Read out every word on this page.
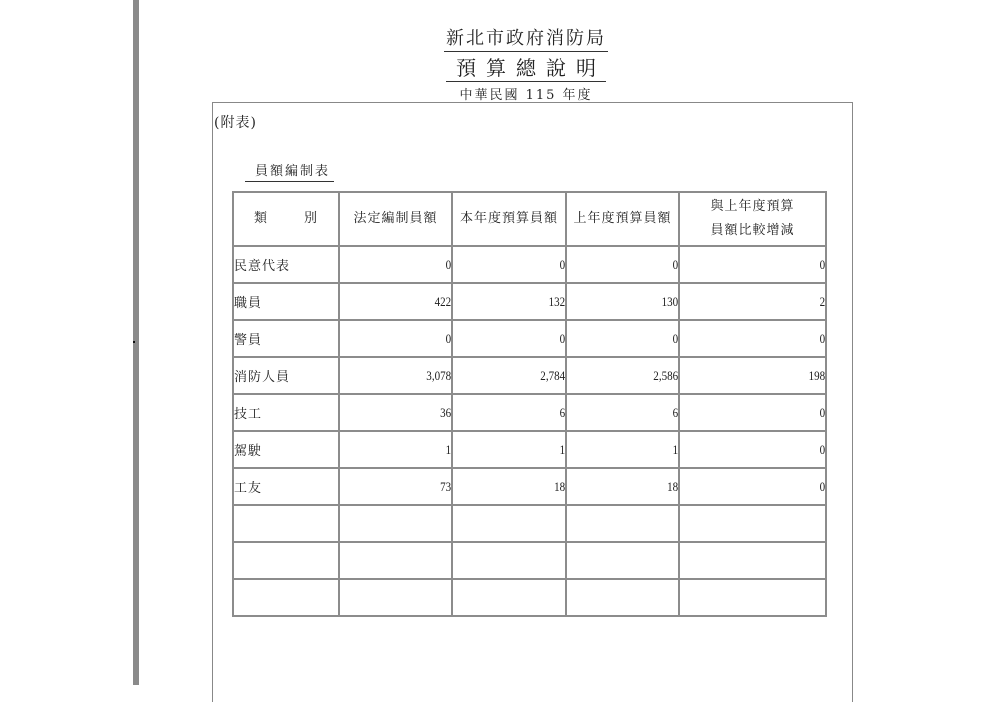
新北市政府消防局
預算總說明
中華民國 115 年度
(附表)
員額編制表
類 別	法定編制員額	本年度預算員額	上年度預算員額	與上年度預算
員額比較增減
民意代表	0	0	0	0
職員	422	132	130	2
警員	0	0	0	0
消防人員	3,078	2,784	2,586	198
技工	36	6	6	0
駕駛	1	1	1	0
工友	73	18	18	0
